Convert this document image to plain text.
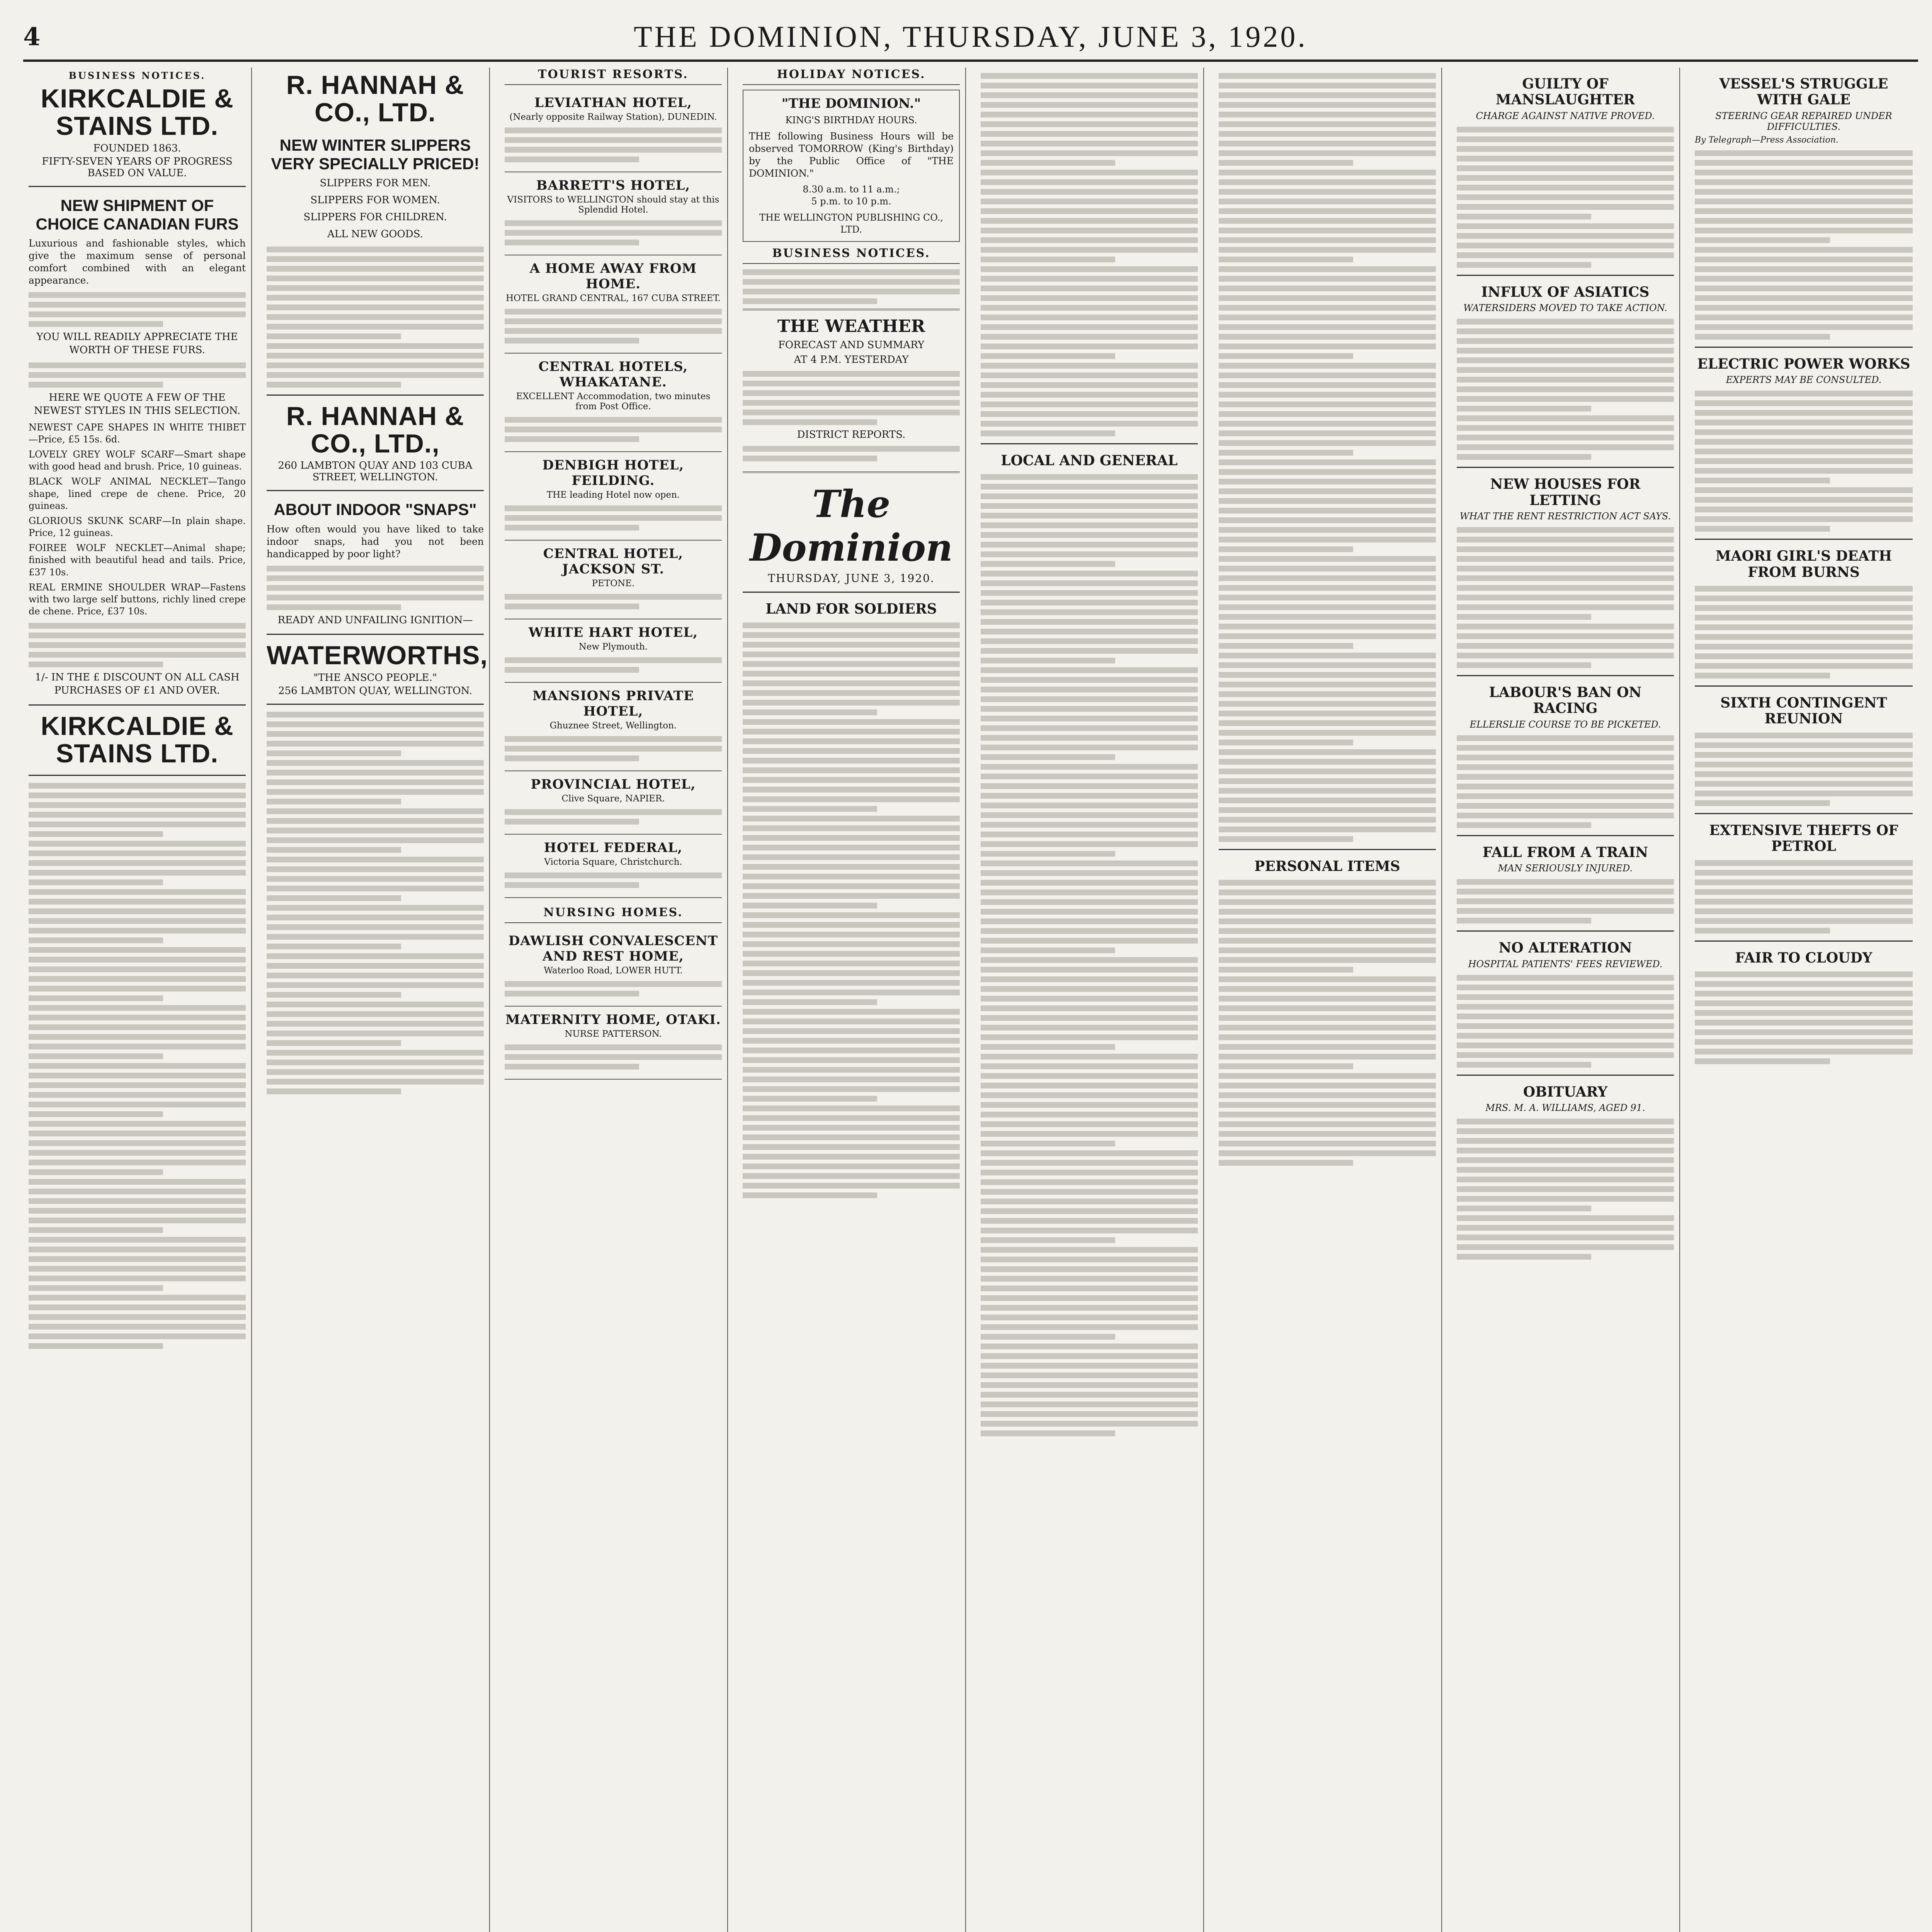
4	THE DOMINION, THURSDAY, JUNE 3, 1920.
BUSINESS NOTICES.
KIRKCALDIE & STAINS LTD.
FOUNDED 1863.
FIFTY-SEVEN YEARS OF PROGRESS BASED ON VALUE.
NEW SHIPMENT OF CHOICE CANADIAN FURS
Luxurious and fashionable styles, which give the maximum sense of personal comfort combined with an elegant appearance.
YOU WILL READILY APPRECIATE THE WORTH OF THESE FURS.
HERE WE QUOTE A FEW OF THE NEWEST STYLES IN THIS SELECTION.
NEWEST CAPE SHAPES IN WHITE THIBET—Price, £5 15s. 6d.
LOVELY GREY WOLF SCARF—Smart shape with good head and brush. Price, 10 guineas.
BLACK WOLF ANIMAL NECKLET—Tango shape, lined crepe de chene. Price, 20 guineas.
GLORIOUS SKUNK SCARF—In plain shape. Price, 12 guineas.
FOIREE WOLF NECKLET—Animal shape; finished with beautiful head and tails. Price, £37 10s.
REAL ERMINE SHOULDER WRAP—Fastens with two large self buttons, richly lined crepe de chene. Price, £37 10s.
1/- IN THE £ DISCOUNT ON ALL CASH PURCHASES OF £1 AND OVER.
KIRKCALDIE & STAINS LTD.
R. HANNAH & CO., LTD.
NEW WINTER SLIPPERS VERY SPECIALLY PRICED!
SLIPPERS FOR MEN.
SLIPPERS FOR WOMEN.
SLIPPERS FOR CHILDREN.
ALL NEW GOODS.
R. HANNAH & CO., LTD.,
260 LAMBTON QUAY AND 103 CUBA STREET, WELLINGTON.
ABOUT INDOOR "SNAPS"
How often would you have liked to take indoor snaps, had you not been handicapped by poor light?
READY AND UNFAILING IGNITION—
WATERWORTHS,
"THE ANSCO PEOPLE."
256 LAMBTON QUAY, WELLINGTON.
TOURIST RESORTS.
LEVIATHAN HOTEL,
(Nearly opposite Railway Station), DUNEDIN.
BARRETT'S HOTEL,
VISITORS to WELLINGTON should stay at this Splendid Hotel.
A HOME AWAY FROM HOME.
HOTEL GRAND CENTRAL, 167 CUBA STREET.
CENTRAL HOTELS, WHAKATANE.
EXCELLENT Accommodation, two minutes from Post Office.
DENBIGH HOTEL, FEILDING.
THE leading Hotel now open.
CENTRAL HOTEL, JACKSON ST.
PETONE.
WHITE HART HOTEL,
New Plymouth.
MANSIONS PRIVATE HOTEL,
Ghuznee Street, Wellington.
PROVINCIAL HOTEL,
Clive Square, NAPIER.
HOTEL FEDERAL,
Victoria Square, Christchurch.
NURSING HOMES.
DAWLISH CONVALESCENT AND REST HOME,
Waterloo Road, LOWER HUTT.
MATERNITY HOME, OTAKI.
NURSE PATTERSON.
HOLIDAY NOTICES.
"THE DOMINION."
KING'S BIRTHDAY HOURS.
THE following Business Hours will be observed TOMORROW (King's Birthday) by the Public Office of "THE DOMINION."
8.30 a.m. to 11 a.m.;
5 p.m. to 10 p.m.
THE WELLINGTON PUBLISHING CO., LTD.
BUSINESS NOTICES.
THE WEATHER
FORECAST AND SUMMARY
AT 4 P.M. YESTERDAY
DISTRICT REPORTS.
The Dominion
THURSDAY, JUNE 3, 1920.
LAND FOR SOLDIERS
LOCAL AND GENERAL
PERSONAL ITEMS
GUILTY OF MANSLAUGHTER
CHARGE AGAINST NATIVE PROVED.
INFLUX OF ASIATICS
WATERSIDERS MOVED TO TAKE ACTION.
NEW HOUSES FOR LETTING
WHAT THE RENT RESTRICTION ACT SAYS.
LABOUR'S BAN ON RACING
ELLERSLIE COURSE TO BE PICKETED.
FALL FROM A TRAIN
MAN SERIOUSLY INJURED.
NO ALTERATION
HOSPITAL PATIENTS' FEES REVIEWED.
OBITUARY
MRS. M. A. WILLIAMS, AGED 91.
VESSEL'S STRUGGLE WITH GALE
STEERING GEAR REPAIRED UNDER DIFFICULTIES.
By Telegraph—Press Association.
ELECTRIC POWER WORKS
EXPERTS MAY BE CONSULTED.
MAORI GIRL'S DEATH FROM BURNS
SIXTH CONTINGENT REUNION
EXTENSIVE THEFTS OF PETROL
FAIR TO CLOUDY
